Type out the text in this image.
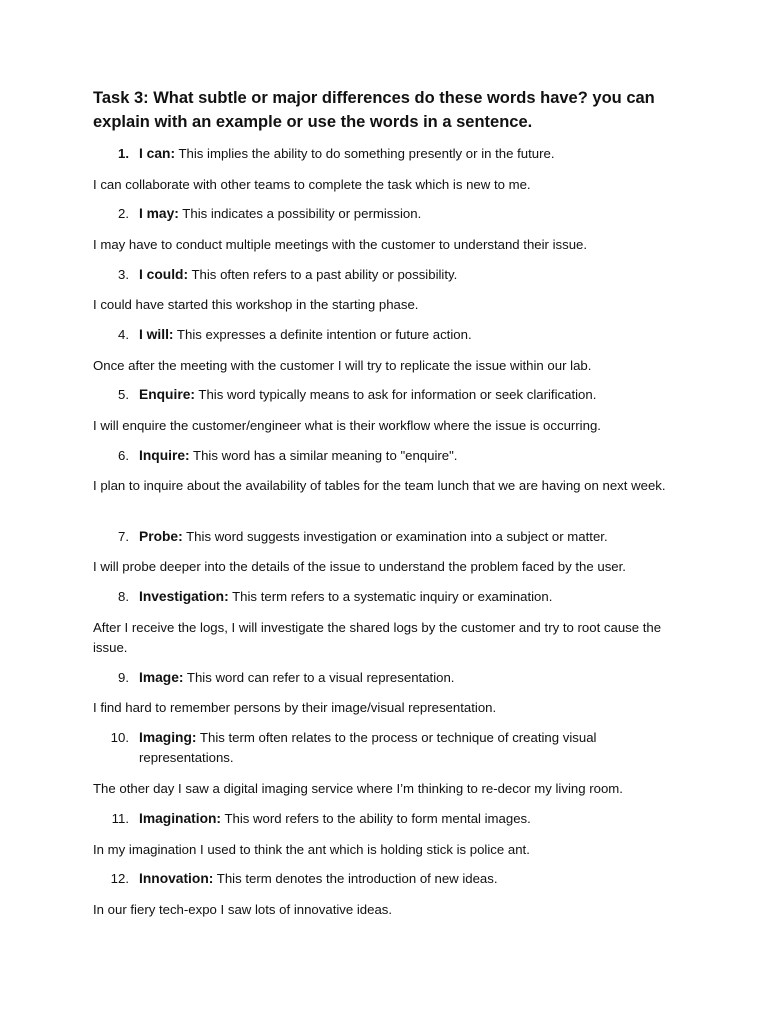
Task 3: What subtle or major differences do these words have? you can explain with an example or use the words in a sentence.
1. I can: This implies the ability to do something presently or in the future.
I can collaborate with other teams to complete the task which is new to me.
2. I may: This indicates a possibility or permission.
I may have to conduct multiple meetings with the customer to understand their issue.
3. I could: This often refers to a past ability or possibility.
I could have started this workshop in the starting phase.
4. I will: This expresses a definite intention or future action.
Once after the meeting with the customer I will try to replicate the issue within our lab.
5. Enquire: This word typically means to ask for information or seek clarification.
I will enquire the customer/engineer what is their workflow where the issue is occurring.
6. Inquire: This word has a similar meaning to "enquire".
I plan to inquire about the availability of tables for the team lunch that we are having on next week.
7. Probe: This word suggests investigation or examination into a subject or matter.
I will probe deeper into the details of the issue to understand the problem faced by the user.
8. Investigation: This term refers to a systematic inquiry or examination.
After I receive the logs, I will investigate the shared logs by the customer and try to root cause the issue.
9. Image: This word can refer to a visual representation.
I find hard to remember persons by their image/visual representation.
10. Imaging: This term often relates to the process or technique of creating visual representations.
The other day I saw a digital imaging service where I’m thinking to re-decor my living room.
11. Imagination: This word refers to the ability to form mental images.
In my imagination I used to think the ant which is holding stick is police ant.
12. Innovation: This term denotes the introduction of new ideas.
In our fiery tech-expo I saw lots of innovative ideas.
